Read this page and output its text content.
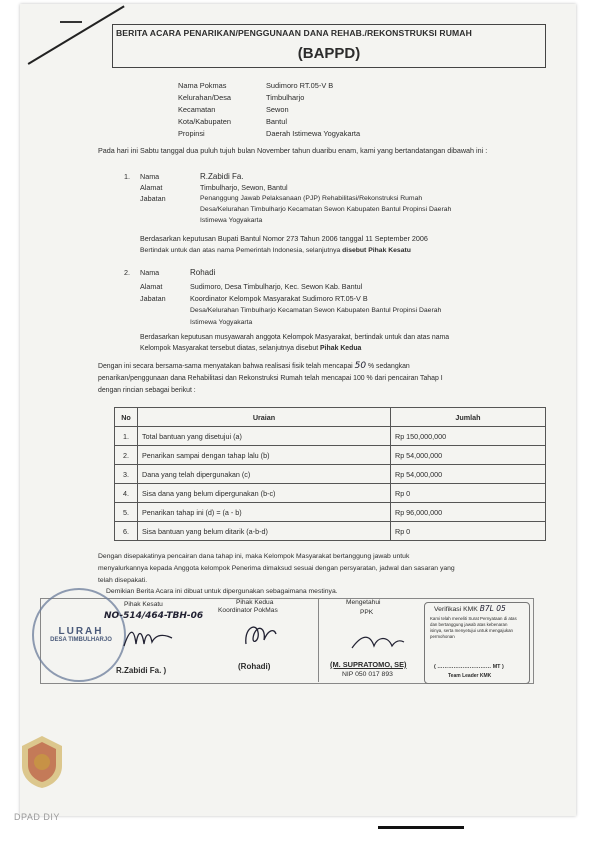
BERITA ACARA PENARIKAN/PENGGUNAAN DANA REHAB./REKONSTRUKSI RUMAH
(BAPPD)
Nama Pokmas	Sudimoro RT.05-V B
Kelurahan/Desa	Timbulharjo
Kecamatan	Sewon
Kota/Kabupaten	Bantul
Propinsi	Daerah Istimewa Yogyakarta
Pada hari ini Sabtu tanggal dua puluh tujuh bulan November tahun duaribu enam, kami yang bertandatangan dibawah ini :
1. Nama	R.Zabidi Fa.
Alamat	Timbulharjo, Sewon, Bantul
Jabatan	Penanggung Jawab Pelaksanaan (PJP) Rehabilitasi/Rekonstruksi Rumah
Desa/Kelurahan Timbulharjo Kecamatan Sewon Kabupaten Bantul Propinsi Daerah
Istimewa Yogyakarta
Berdasarkan keputusan Bupati Bantul Nomor 273 Tahun 2006 tanggal 11 September 2006
Bertindak untuk dan atas nama Pemerintah Indonesia, selanjutnya disebut Pihak Kesatu
2. Nama	Rohadi
Alamat	Sudimoro, Desa Timbulharjo, Kec. Sewon Kab. Bantul
Jabatan	Koordinator Kelompok Masyarakat Sudimoro RT.05-V B
Desa/Kelurahan Timbulharjo Kecamatan Sewon Kabupaten Bantul Propinsi Daerah
Istimewa Yogyakarta
Berdasarkan keputusan musyawarah anggota Kelompok Masyarakat, bertindak untuk dan atas nama
Kelompok Masyarakat tersebut diatas, selanjutnya disebut Pihak Kedua
Dengan ini secara bersama-sama menyatakan bahwa realisasi fisik telah mencapai 50 % sedangkan
penarikan/penggunaan dana Rehabilitasi dan Rekonstruksi Rumah telah mencapai 100 % dari pencairan Tahap I
dengan rincian sebagai berikut :
No	Uraian	Jumlah
1.	Total bantuan yang disetujui (a)	Rp 150,000,000
2.	Penarikan sampai dengan tahap lalu (b)	Rp 54,000,000
3.	Dana yang telah dipergunakan (c)	Rp 54,000,000
4.	Sisa dana yang belum dipergunakan (b-c)	Rp 0
5.	Penarikan tahap ini (d) = (a - b)	Rp 96,000,000
6.	Sisa bantuan yang belum ditarik (a-b-d)	Rp 0
Dengan disepakatinya pencairan dana tahap ini, maka Kelompok Masyarakat bertanggung jawab untuk
menyalurkannya kepada Anggota kelompok Penerima dimaksud sesuai dengan persyaratan, jadwal dan sasaran yang
telah disepakati.
Demikian Berita Acara ini dibuat untuk dipergunakan sebagaimana mestinya.
LURAH
DESA TIMBULHARJO
Pihak Kesatu
NO-514/464-TBH-06
R.Zabidi Fa. )
Pihak Kedua
Koordinator PokMas
(Rohadi)
Mengetahui
PPK
(M. SUPRATOMO, SE)
NIP 050 017 893
Verifikasi KMK B7L 05
Kami telah meneliti Surat Pernyataan di atas
dan bertanggung jawab atas kebenaran
isinya, serta menyetujui untuk mengajukan
permohonan
( ………………………… MT )
Team Leader KMK
DPAD DIY
